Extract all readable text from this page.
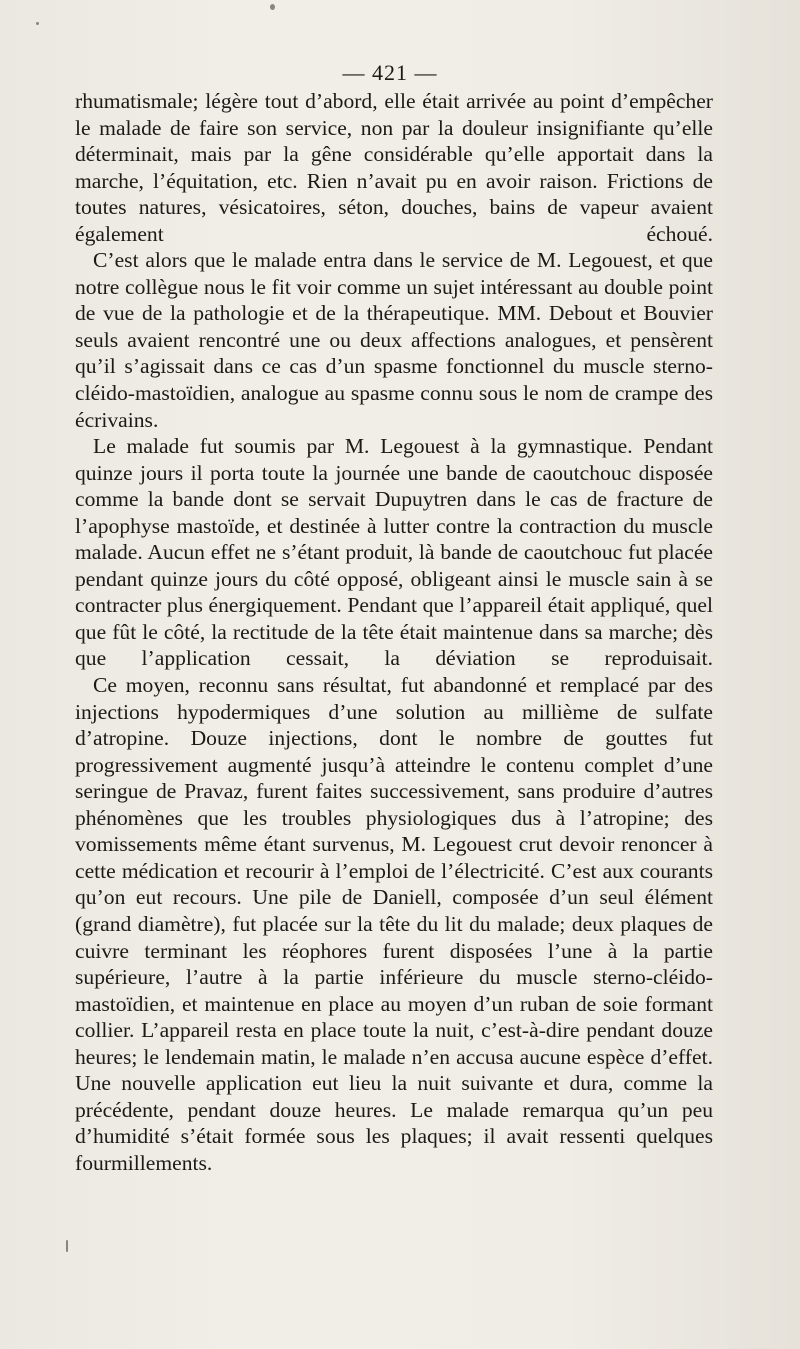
— 421 —

rhumatismale; légère tout d’abord, elle était arrivée au point d’empêcher le malade de faire son service, non par la douleur insignifiante qu’elle déterminait, mais par la gêne considérable qu’elle apportait dans la marche, l’équitation, etc. Rien n’avait pu en avoir raison. Frictions de toutes natures, vésicatoires, séton, douches, bains de vapeur avaient également échoué.

C’est alors que le malade entra dans le service de M. Legouest, et que notre collègue nous le fit voir comme un sujet intéressant au double point de vue de la pathologie et de la thérapeutique. MM. Debout et Bouvier seuls avaient rencontré une ou deux affections analogues, et pensèrent qu’il s’agissait dans ce cas d’un spasme fonctionnel du muscle sterno-cléido-mastoïdien, analogue au spasme connu sous le nom de crampe des écrivains.

Le malade fut soumis par M. Legouest à la gymnastique. Pendant quinze jours il porta toute la journée une bande de caoutchouc disposée comme la bande dont se servait Dupuytren dans le cas de fracture de l’apophyse mastoïde, et destinée à lutter contre la contraction du muscle malade. Aucun effet ne s’étant produit, là bande de caoutchouc fut placée pendant quinze jours du côté opposé, obligeant ainsi le muscle sain à se contracter plus énergiquement. Pendant que l’appareil était appliqué, quel que fût le côté, la rectitude de la tête était maintenue dans sa marche; dès que l’application cessait, la déviation se reproduisait.

Ce moyen, reconnu sans résultat, fut abandonné et remplacé par des injections hypodermiques d’une solution au millième de sulfate d’atropine. Douze injections, dont le nombre de gouttes fut progressivement augmenté jusqu’à atteindre le contenu complet d’une seringue de Pravaz, furent faites successivement, sans produire d’autres phénomènes que les troubles physiologiques dus à l’atropine; des vomissements même étant survenus, M. Legouest crut devoir renoncer à cette médication et recourir à l’emploi de l’électricité. C’est aux courants qu’on eut recours. Une pile de Daniell, composée d’un seul élément (grand diamètre), fut placée sur la tête du lit du malade; deux plaques de cuivre terminant les réophores furent disposées l’une à la partie supérieure, l’autre à la partie inférieure du muscle sterno-cléido-mastoïdien, et maintenue en place au moyen d’un ruban de soie formant collier. L’appareil resta en place toute la nuit, c’est-à-dire pendant douze heures; le lendemain matin, le malade n’en accusa aucune espèce d’effet. Une nouvelle application eut lieu la nuit suivante et dura, comme la précédente, pendant douze heures. Le malade remarqua qu’un peu d’humidité s’était formée sous les plaques; il avait ressenti quelques fourmillements.
